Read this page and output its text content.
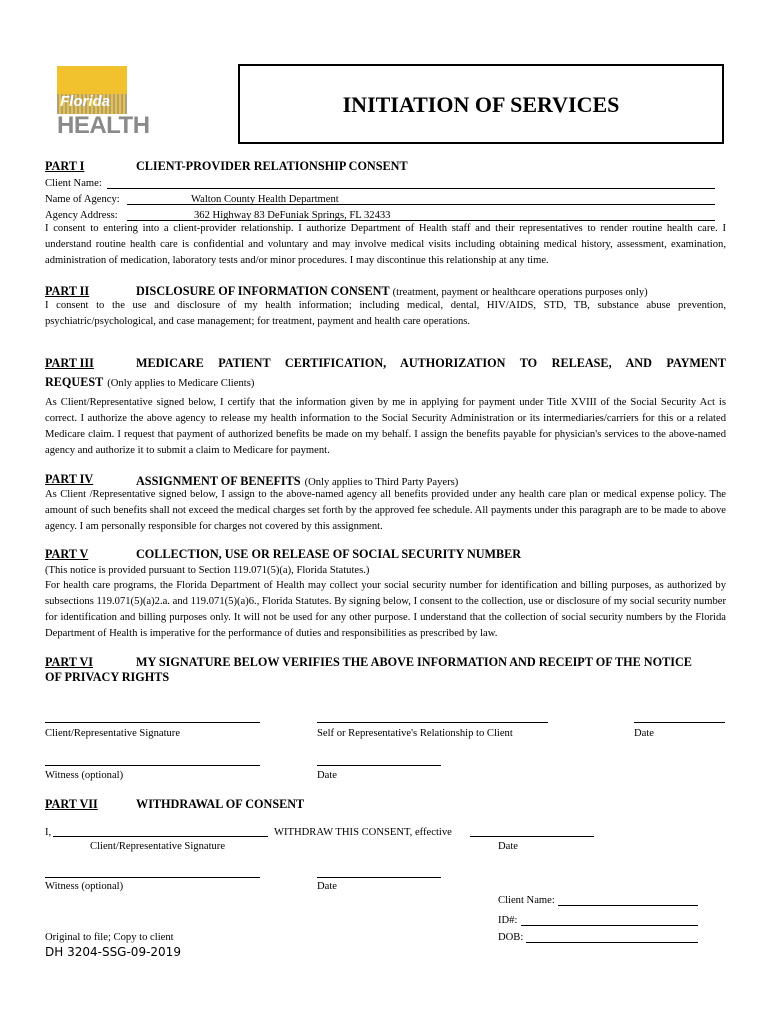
Florida
HEALTH
INITIATION OF SERVICES
PART I	CLIENT-PROVIDER RELATIONSHIP CONSENT
Client Name:
Name of Agency:	Walton County Health Department
Agency Address:	362 Highway 83 DeFuniak Springs, FL 32433
I consent to entering into a client-provider relationship. I authorize Department of Health staff and their representatives to render routine health care. I understand routine health care is confidential and voluntary and may involve medical visits including obtaining medical history, assessment, examination, administration of medication, laboratory tests and/or minor procedures. I may discontinue this relationship at any time.
PART II	DISCLOSURE OF INFORMATION CONSENT (treatment, payment or healthcare operations purposes only)
I consent to the use and disclosure of my health information; including medical, dental, HIV/AIDS, STD, TB, substance abuse prevention, psychiatric/psychological, and case management; for treatment, payment and health care operations.
PART III	MEDICARE PATIENT CERTIFICATION, AUTHORIZATION TO RELEASE, AND PAYMENT
REQUEST (Only applies to Medicare Clients)
As Client/Representative signed below, I certify that the information given by me in applying for payment under Title XVIII of the Social Security Act is correct. I authorize the above agency to release my health information to the Social Security Administration or its intermediaries/carriers for this or a related Medicare claim. I request that payment of authorized benefits be made on my behalf. I assign the benefits payable for physician's services to the above-named agency and authorize it to submit a claim to Medicare for payment.
PART IV	ASSIGNMENT OF BENEFITS (Only applies to Third Party Payers)
As Client /Representative signed below, I assign to the above-named agency all benefits provided under any health care plan or medical expense policy. The amount of such benefits shall not exceed the medical charges set forth by the approved fee schedule. All payments under this paragraph are to be made to above agency. I am personally responsible for charges not covered by this assignment.
PART V	COLLECTION, USE OR RELEASE OF SOCIAL SECURITY NUMBER
(This notice is provided pursuant to Section 119.071(5)(a), Florida Statutes.)
For health care programs, the Florida Department of Health may collect your social security number for identification and billing purposes, as authorized by subsections 119.071(5)(a)2.a. and 119.071(5)(a)6., Florida Statutes. By signing below, I consent to the collection, use or disclosure of my social security number for identification and billing purposes only. It will not be used for any other purpose. I understand that the collection of social security numbers by the Florida Department of Health is imperative for the performance of duties and responsibilities as prescribed by law.
PART VI	MY SIGNATURE BELOW VERIFIES THE ABOVE INFORMATION AND RECEIPT OF THE NOTICE
OF PRIVACY RIGHTS
Client/Representative Signature	Self or Representative's Relationship to Client	Date
Witness (optional)	Date
PART VII	WITHDRAWAL OF CONSENT
I,	WITHDRAW THIS CONSENT, effective
Client/Representative Signature	Date
Witness (optional)	Date
Client Name:
ID#:
DOB:
Original to file; Copy to client
DH 3204-SSG-09-2019
